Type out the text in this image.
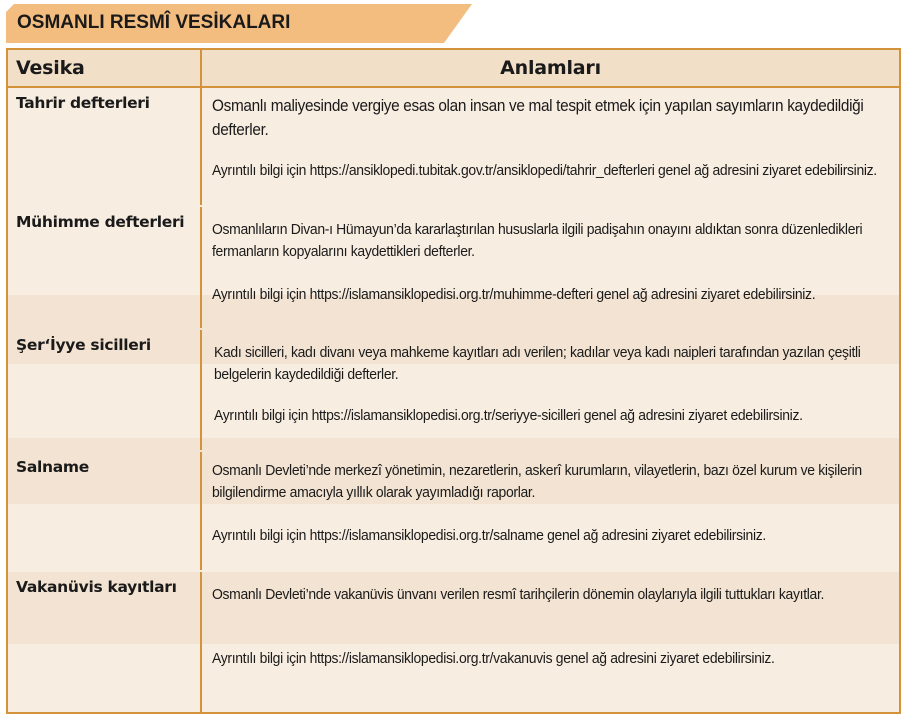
OSMANLI RESMÎ VESİKALARI
Vesika	Anlamları
Tahrir defterleri	Osmanlı maliyesinde vergiye esas olan insan ve mal tespit etmek için yapılan sayımların kaydedildiği defterler.
Ayrıntılı bilgi için https://ansiklopedi.tubitak.gov.tr/ansiklopedi/tahrir_defterleri genel ağ adresini ziyaret edebilirsiniz.
Mühimme defterleri	Osmanlıların Divan-ı Hümayun’da kararlaştırılan hususlarla ilgili padişahın onayını aldıktan sonra düzenledikleri fermanların kopyalarını kaydettikleri defterler.
Ayrıntılı bilgi için https://islamansiklopedisi.org.tr/muhimme-defteri genel ağ adresini ziyaret edebilirsiniz.
Şer‘İyye sicilleri	Kadı sicilleri, kadı divanı veya mahkeme kayıtları adı verilen; kadılar veya kadı naipleri tarafından yazılan çeşitli belgelerin kaydedildiği defterler.
Ayrıntılı bilgi için https://islamansiklopedisi.org.tr/seriyye-sicilleri genel ağ adresini ziyaret edebilirsiniz.
Salname	Osmanlı Devleti’nde merkezî yönetimin, nezaretlerin, askerî kurumların, vilayetlerin, bazı özel kurum ve kişilerin bilgilendirme amacıyla yıllık olarak yayımladığı raporlar.
Ayrıntılı bilgi için https://islamansiklopedisi.org.tr/salname genel ağ adresini ziyaret edebilirsiniz.
Vakanüvis kayıtları	Osmanlı Devleti’nde vakanüvis ünvanı verilen resmî tarihçilerin dönemin olaylarıyla ilgili tuttukları kayıtlar.
Ayrıntılı bilgi için https://islamansiklopedisi.org.tr/vakanuvis genel ağ adresini ziyaret edebilirsiniz.
